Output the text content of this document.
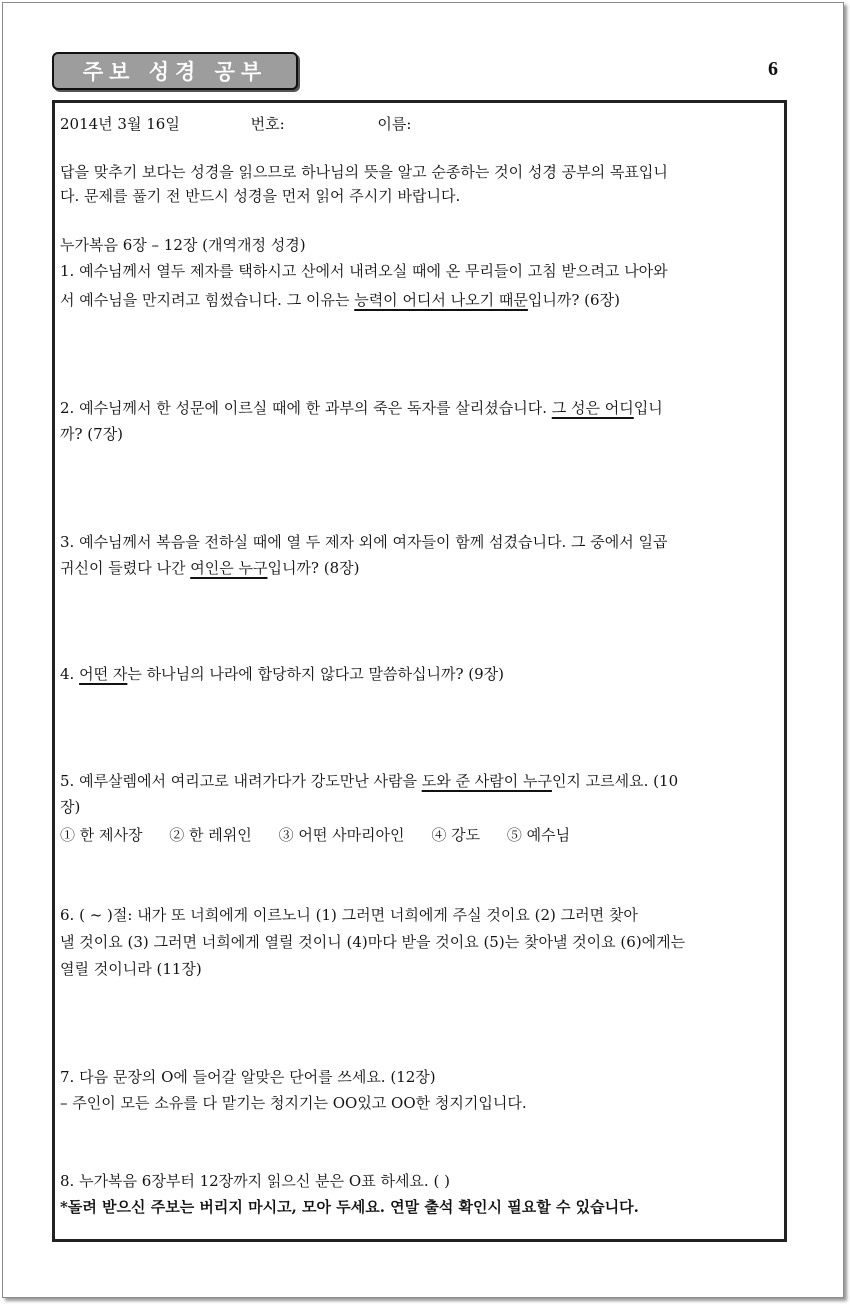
주보 성경 공부	6
2014년 3월 16일	번호:	이름:
답을 맞추기 보다는 성경을 읽으므로 하나님의 뜻을 알고 순종하는 것이 성경 공부의 목표입니
다. 문제를 풀기 전 반드시 성경을 먼저 읽어 주시기 바랍니다.
누가복음 6장 – 12장 (개역개정 성경)
1. 예수님께서 열두 제자를 택하시고 산에서 내려오실 때에 온 무리들이 고침 받으려고 나아와
서 예수님을 만지려고 힘썼습니다. 그 이유는 능력이 어디서 나오기 때문입니까? (6장)
2. 예수님께서 한 성문에 이르실 때에 한 과부의 죽은 독자를 살리셨습니다. 그 성은 어디입니
까? (7장)
3. 예수님께서 복음을 전하실 때에 열 두 제자 외에 여자들이 함께 섬겼습니다. 그 중에서 일곱
귀신이 들렸다 나간 여인은 누구입니까? (8장)
4. 어떤 자는 하나님의 나라에 합당하지 않다고 말씀하십니까? (9장)
5. 예루살렘에서 여리고로 내려가다가 강도만난 사람을 도와 준 사람이 누구인지 고르세요. (10
장)
① 한 제사장 ② 한 레위인 ③ 어떤 사마리아인 ④ 강도 ⑤ 예수님
6. ( ~ )절: 내가 또 너희에게 이르노니 (1) 그러면 너희에게 주실 것이요 (2) 그러면 찾아
낼 것이요 (3) 그러면 너희에게 열릴 것이니 (4)마다 받을 것이요 (5)는 찾아낼 것이요 (6)에게는
열릴 것이니라 (11장)
7. 다음 문장의 O에 들어갈 알맞은 단어를 쓰세요. (12장)
– 주인이 모든 소유를 다 맡기는 청지기는 OO있고 OO한 청지기입니다.
8. 누가복음 6장부터 12장까지 읽으신 분은 O표 하세요. ( )
*돌려 받으신 주보는 버리지 마시고, 모아 두세요. 연말 출석 확인시 필요할 수 있습니다.
